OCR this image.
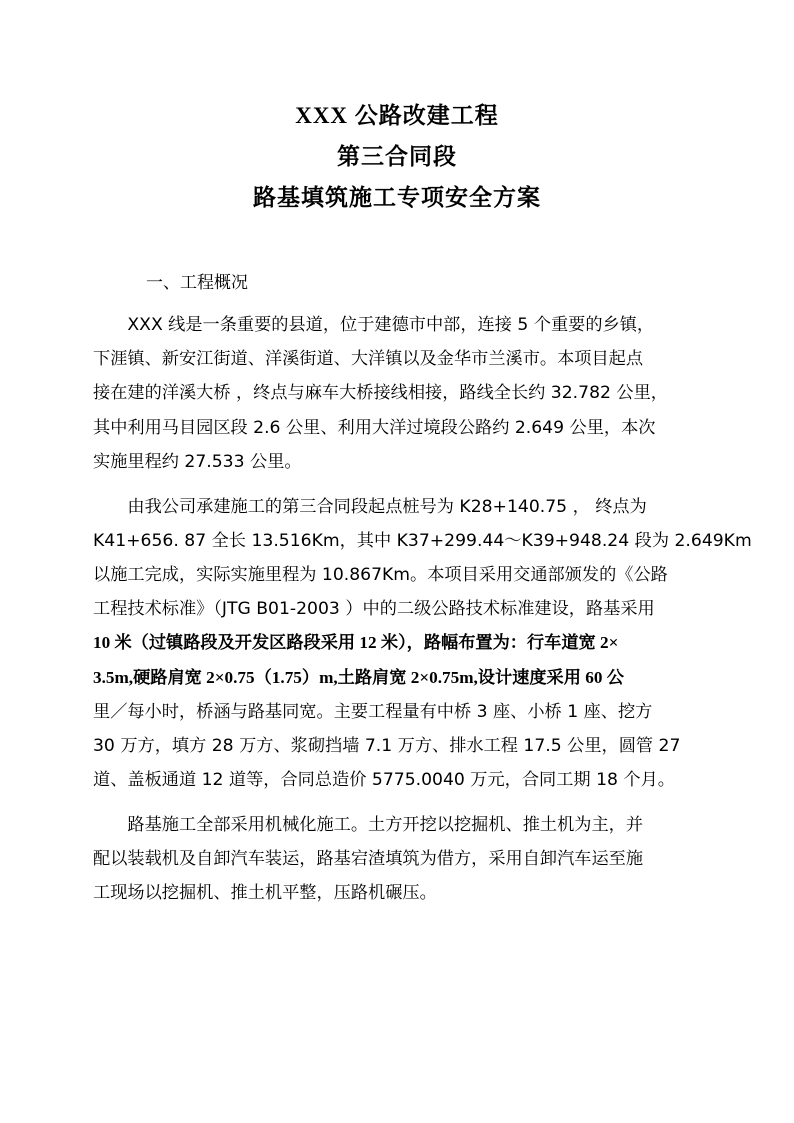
XXX 公路改建工程
第三合同段
路基填筑施工专项安全方案
一、工程概况

XXX 线是一条重要的县道，位于建德市中部，连接 5 个重要的乡镇，
下涯镇、新安江街道、洋溪街道、大洋镇以及金华市兰溪市。本项目起点
接在建的洋溪大桥 ，终点与麻车大桥接线相接，路线全长约 32.782 公里，
其中利用马目园区段 2.6 公里、利用大洋过境段公路约 2.649 公里，本次
实施里程约 27.533 公里。

由我公司承建施工的第三合同段起点桩号为 K28+140.75 ， 终点为
K41+656. 87 全长 13.516Km，其中 K37+299.44～K39+948.24 段为 2.649Km
以施工完成，实际实施里程为 10.867Km。本项目采用交通部颁发的《公路
工程技术标准》（JTG B01-2003 ）中的二级公路技术标准建设，路基采用
10 米（过镇路段及开发区路段采用 12 米），路幅布置为：行车道宽 2×
3.5m,硬路肩宽 2×0.75（1.75）m,土路肩宽 2×0.75m,设计速度采用 60 公
里／每小时，桥涵与路基同宽。主要工程量有中桥 3 座、小桥 1 座、挖方
30 万方，填方 28 万方、浆砌挡墙 7.1 万方、排水工程 17.5 公里，圆管 27
道、盖板通道 12 道等，合同总造价 5775.0040 万元，合同工期 18 个月。

路基施工全部采用机械化施工。土方开挖以挖掘机、推土机为主，并
配以装载机及自卸汽车装运，路基宕渣填筑为借方，采用自卸汽车运至施
工现场以挖掘机、推土机平整，压路机碾压。
